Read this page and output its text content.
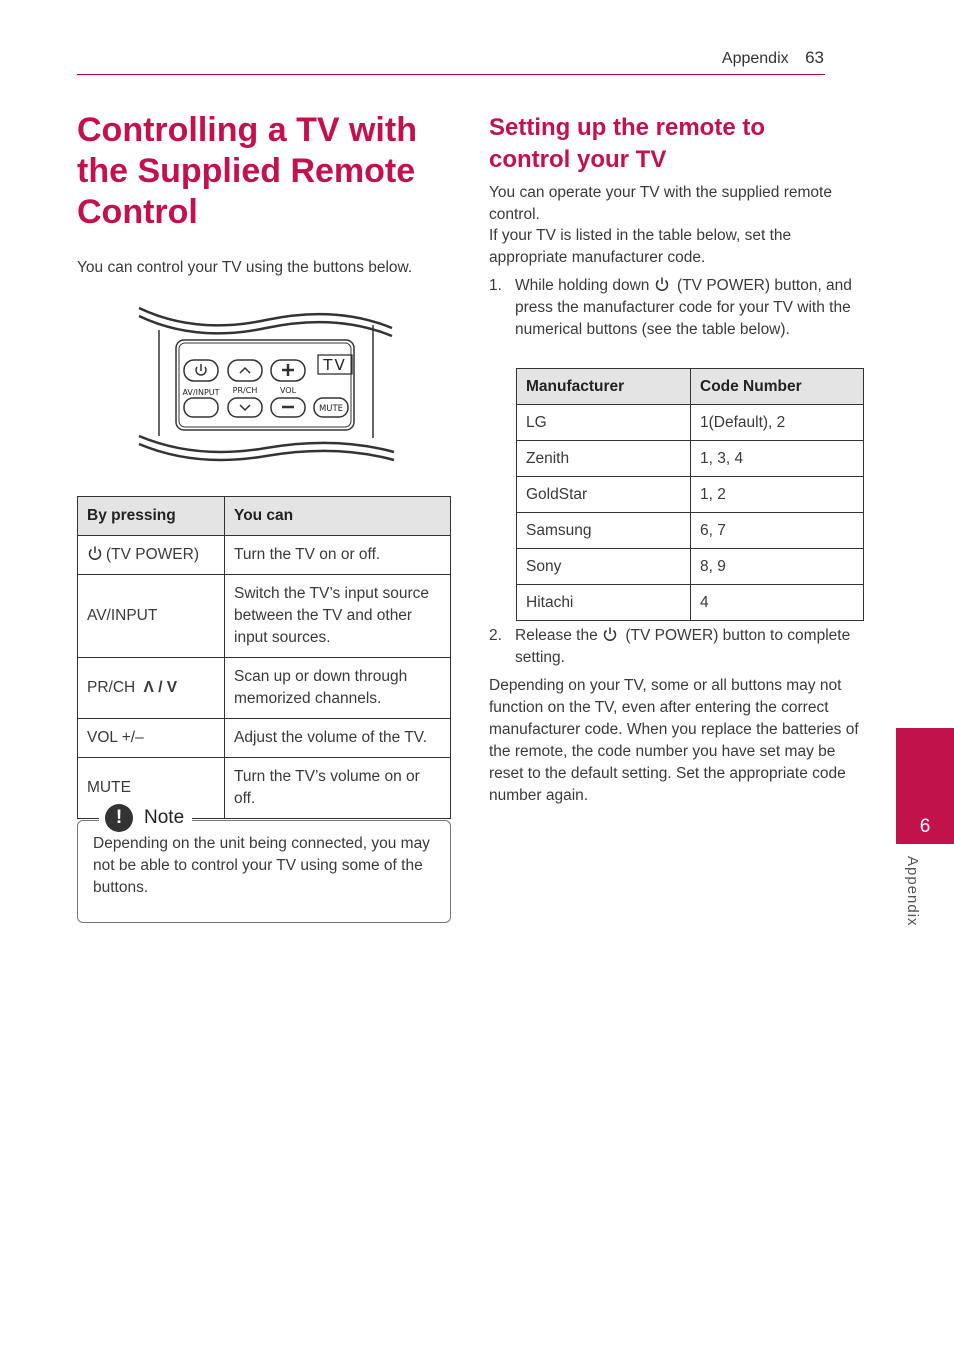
Appendix 63
Controlling a TV with the Supplied Remote Control

You can control your TV using the buttons below.

TV
AV/INPUT PR/CH	VOL
MUTE
By pressing	You can
(TV POWER)	Turn the TV on or off.
AV/INPUT	Switch the TV’s input source between the TV and other input sources.
PR/CH Λ / V	Scan up or down through memorized channels.
VOL +/–	Adjust the volume of the TV.
MUTE	Turn the TV’s volume on or off.
!	Note

Depending on the unit being connected, you may not be able to control your TV using some of the buttons.

Setting up the remote to control your TV

You can operate your TV with the supplied remote control.

If your TV is listed in the table below, set the appropriate manufacturer code.

1. While holding down (TV POWER) button, and press the manufacturer code for your TV with the numerical buttons (see the table below).
Manufacturer	Code Number
LG	1(Default), 2
Zenith	1, 3, 4
GoldStar	1, 2
Samsung	6, 7
Sony	8, 9
Hitachi	4
2. Release the (TV POWER) button to complete setting.

Depending on your TV, some or all buttons may not function on the TV, even after entering the correct manufacturer code. When you replace the batteries of the remote, the code number you have set may be reset to the default setting. Set the appropriate code number again.

6
Appendix
